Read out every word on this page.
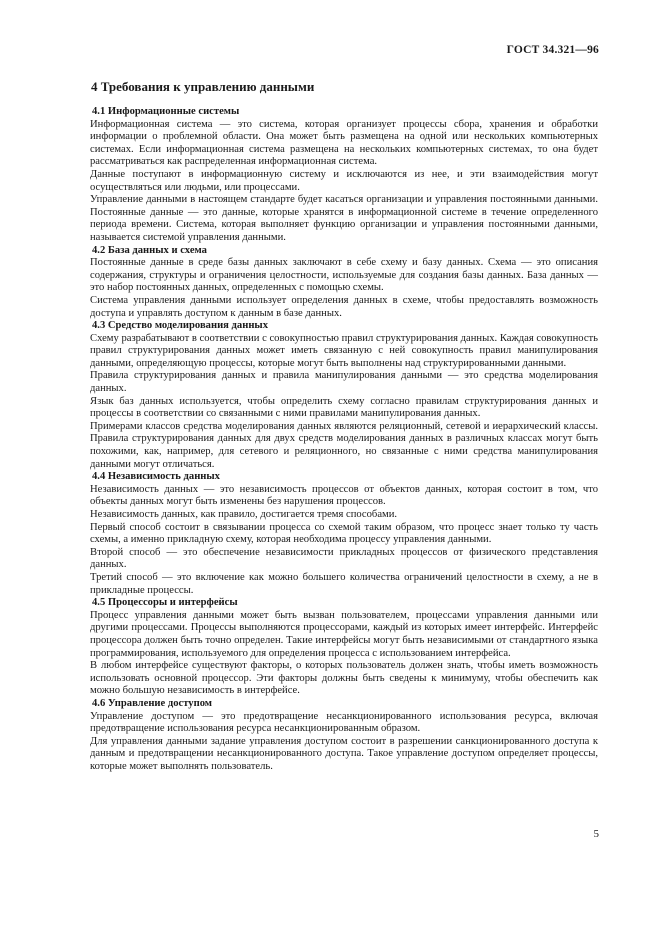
ГОСТ 34.321—96
4 Требования к управлению данными
4.1 Информационные системы

Информационная система — это система, которая организует процессы сбора, хранения и обработки информации о проблемной области. Она может быть размещена на одной или нескольких компьютерных системах. Если информационная система размещена на нескольких компьютерных системах, то она будет рассматриваться как распределенная информационная система.

Данные поступают в информационную систему и исключаются из нее, и эти взаимодействия могут осуществляться или людьми, или процессами.

Управление данными в настоящем стандарте будет касаться организации и управления постоянными данными. Постоянные данные — это данные, которые хранятся в информационной системе в течение определенного периода времени. Система, которая выполняет функцию организации и управления постоянными данными, называется системой управления данными.

4.2 База данных и схема

Постоянные данные в среде базы данных заключают в себе схему и базу данных. Схема — это описания содержания, структуры и ограничения целостности, используемые для создания базы данных. База данных — это набор постоянных данных, определенных с помощью схемы.

Система управления данными использует определения данных в схеме, чтобы предоставлять возможность доступа и управлять доступом к данным в базе данных.

4.3 Средство моделирования данных

Схему разрабатывают в соответствии с совокупностью правил структурирования данных. Каждая совокупность правил структурирования данных может иметь связанную с ней совокупность правил манипулирования данными, определяющую процессы, которые могут быть выполнены над структурированными данными.

Правила структурирования данных и правила манипулирования данными — это средства моделирования данных.

Язык баз данных используется, чтобы определить схему согласно правилам структурирования данных и процессы в соответствии со связанными с ними правилами манипулирования данных.

Примерами классов средства моделирования данных являются реляционный, сетевой и иерархический классы. Правила структурирования данных для двух средств моделирования данных в различных классах могут быть похожими, как, например, для сетевого и реляционного, но связанные с ними средства манипулирования данными могут отличаться.

4.4 Независимость данных

Независимость данных — это независимость процессов от объектов данных, которая состоит в том, что объекты данных могут быть изменены без нарушения процессов.

Независимость данных, как правило, достигается тремя способами.

Первый способ состоит в связывании процесса со схемой таким образом, что процесс знает только ту часть схемы, а именно прикладную схему, которая необходима процессу управления данными.

Второй способ — это обеспечение независимости прикладных процессов от физического представления данных.

Третий способ — это включение как можно большего количества ограничений целостности в схему, а не в прикладные процессы.

4.5 Процессоры и интерфейсы

Процесс управления данными может быть вызван пользователем, процессами управления данными или другими процессами. Процессы выполняются процессорами, каждый из которых имеет интерфейс. Интерфейс процессора должен быть точно определен. Такие интерфейсы могут быть независимыми от стандартного языка программирования, используемого для определения процесса с использованием интерфейса.

В любом интерфейсе существуют факторы, о которых пользователь должен знать, чтобы иметь возможность использовать основной процессор. Эти факторы должны быть сведены к минимуму, чтобы обеспечить как можно большую независимость в интерфейсе.

4.6 Управление доступом

Управление доступом — это предотвращение несанкционированного использования ресурса, включая предотвращение использования ресурса несанкционированным образом.

Для управления данными задание управления доступом состоит в разрешении санкционированного доступа к данным и предотвращении несанкционированного доступа. Такое управление доступом определяет процессы, которые может выполнять пользователь.

5
